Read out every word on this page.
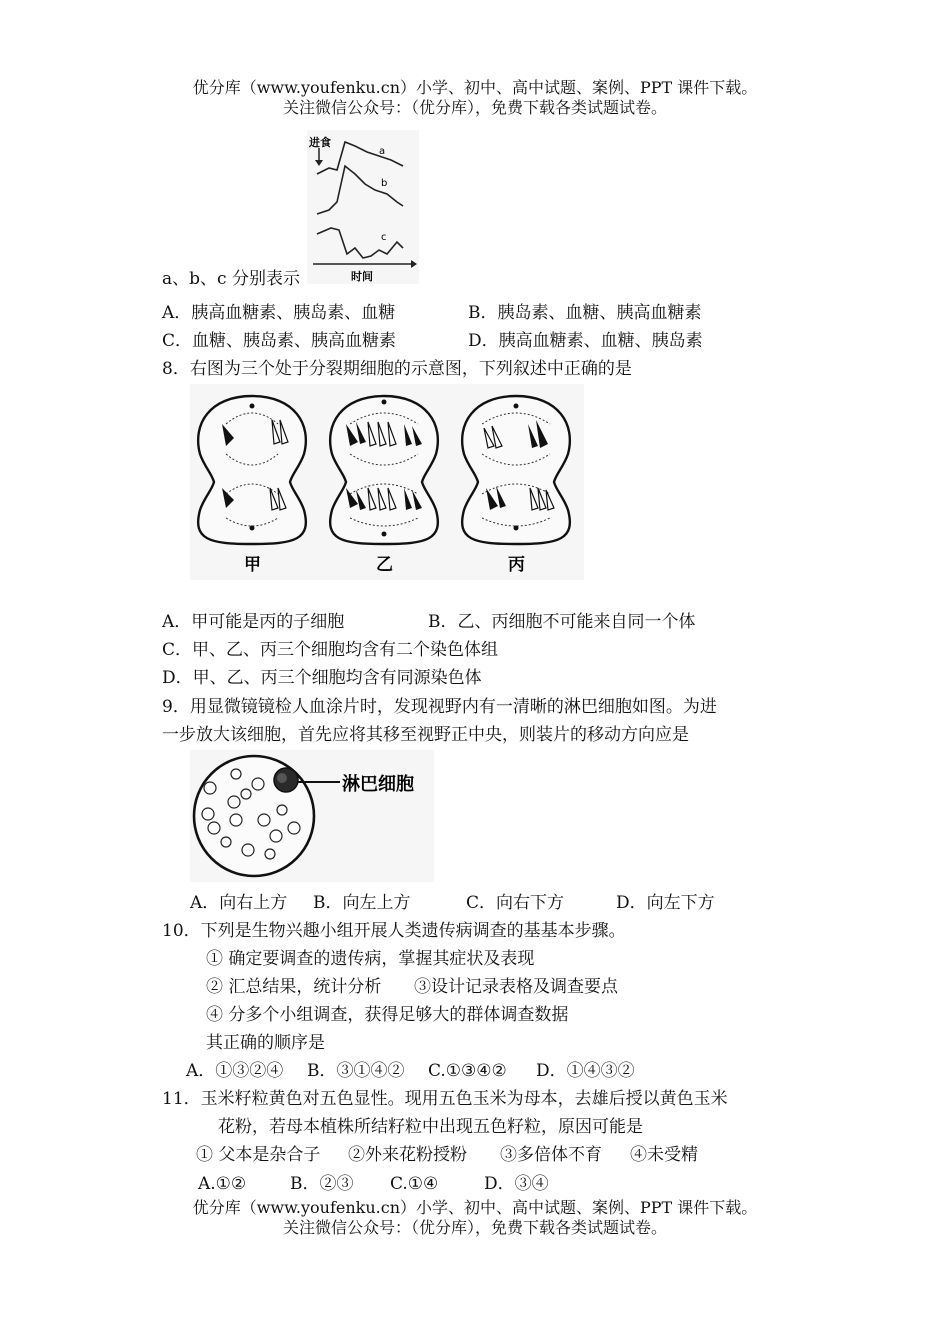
优分库（www.youfenku.cn）小学、初中、高中试题、案例、PPT 课件下载。
关注微信公众号：（优分库），免费下载各类试题试卷。
进食
a
b
c
时间
a、b、c 分别表示
A．胰高血糖素、胰岛素、血糖	B．胰岛素、血糖、胰高血糖素
C．血糖、胰岛素、胰高血糖素	D．胰高血糖素、血糖、胰岛素
8．右图为三个处于分裂期细胞的示意图，下列叙述中正确的是
甲	乙	丙
A．甲可能是丙的子细胞	B．乙、丙细胞不可能来自同一个体
C．甲、乙、丙三个细胞均含有二个染色体组
D．甲、乙、丙三个细胞均含有同源染色体
9．用显微镜镜检人血涂片时，发现视野内有一清晰的淋巴细胞如图。为进
一步放大该细胞，首先应将其移至视野正中央，则装片的移动方向应是
淋巴细胞
A．向右上方 B．向左上方	C．向右下方	D．向左下方
10．下列是生物兴趣小组开展人类遗传病调查的基基本步骤。
① 确定要调查的遗传病，掌握其症状及表现
② 汇总结果，统计分析 ③设计记录表格及调查要点
④ 分多个小组调查，获得足够大的群体调查数据
其正确的顺序是
A．①③②④ B．③①④② C.①③④② D．①④③②
11．玉米籽粒黄色对五色显性。现用五色玉米为母本，去雄后授以黄色玉米
花粉，若母本植株所结籽粒中出现五色籽粒，原因可能是
① 父本是杂合子 ②外来花粉授粉 ③多倍体不育 ④未受精
A.①②	B．②③ C.①④	D．③④
优分库（www.youfenku.cn）小学、初中、高中试题、案例、PPT 课件下载。
关注微信公众号：（优分库），免费下载各类试题试卷。
